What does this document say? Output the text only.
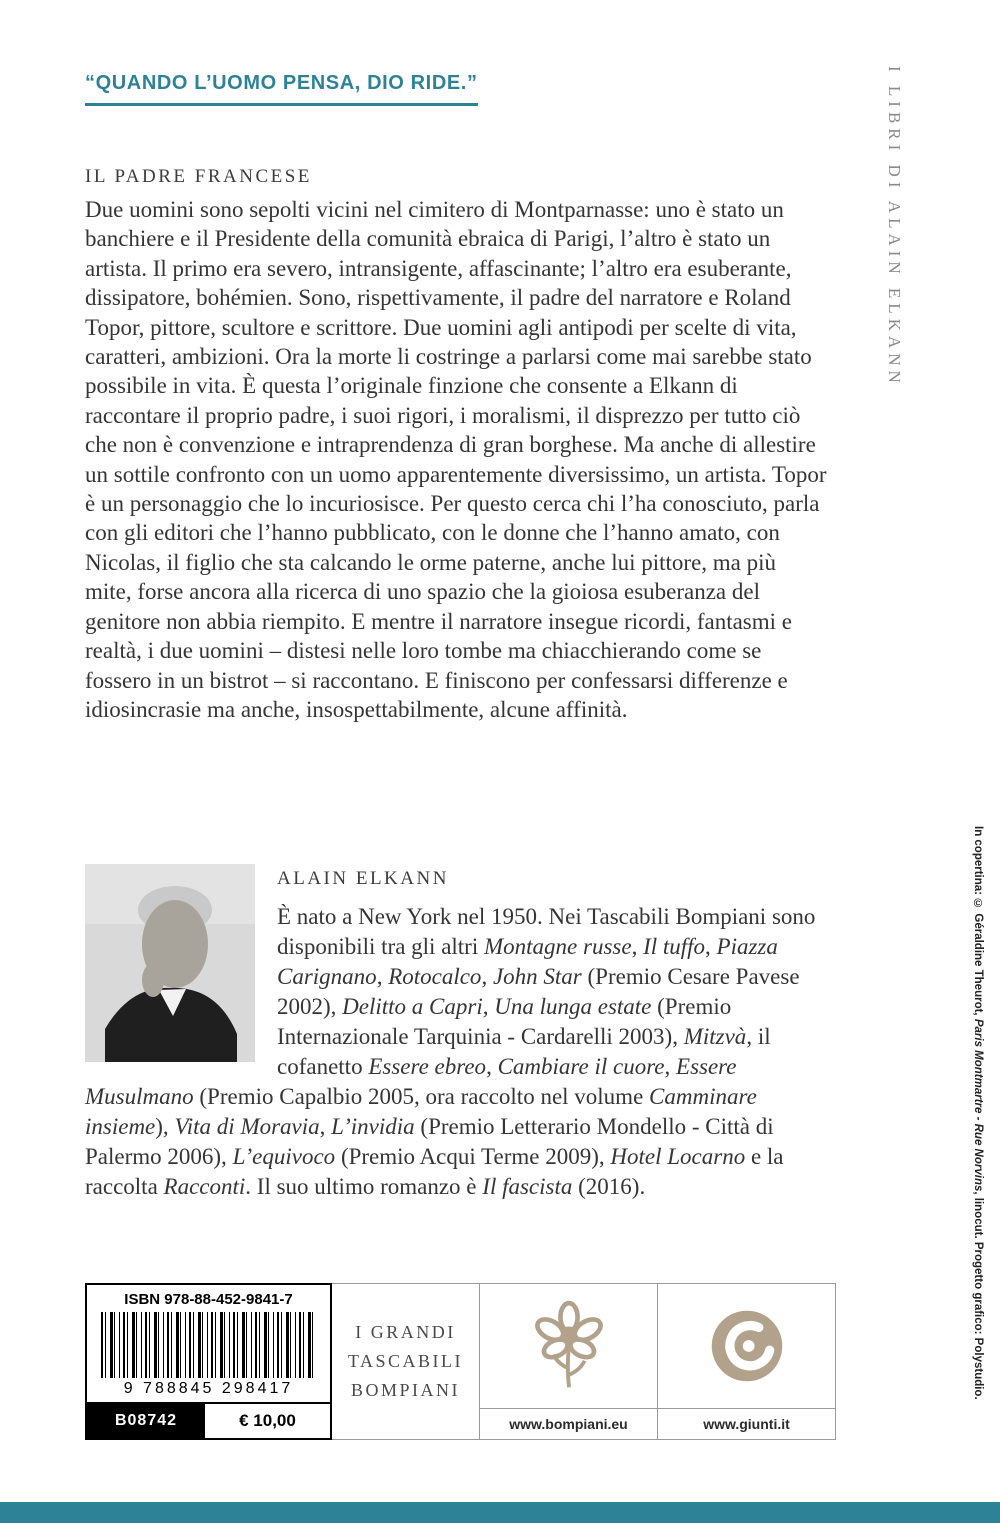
“QUANDO L’UOMO PENSA, DIO RIDE.”	I LIBRI DI ALAIN ELKANN
In copertina: © Géraldine Theurot, Paris Montmartre - Rue Norvins, linocut. Progetto grafico: Polystudio.
IL PADRE FRANCESE

Due uomini sono sepolti vicini nel cimitero di Montparnasse: uno è stato un banchiere e il Presidente della comunità ebraica di Parigi, l’altro è stato un artista. Il primo era severo, intransigente, affascinante; l’altro era esuberante, dissipatore, bohémien. Sono, rispettivamente, il padre del narratore e Roland Topor, pittore, scultore e scrittore. Due uomini agli antipodi per scelte di vita, caratteri, ambizioni. Ora la morte li costringe a parlarsi come mai sarebbe stato possibile in vita. È questa l’originale finzione che consente a Elkann di raccontare il proprio padre, i suoi rigori, i moralismi, il disprezzo per tutto ciò che non è convenzione e intraprendenza di gran borghese. Ma anche di allestire un sottile confronto con un uomo apparentemente diversissimo, un artista. Topor è un personaggio che lo incuriosisce. Per questo cerca chi l’ha conosciuto, parla con gli editori che l’hanno pubblicato, con le donne che l’hanno amato, con Nicolas, il figlio che sta calcando le orme paterne, anche lui pittore, ma più mite, forse ancora alla ricerca di uno spazio che la gioiosa esuberanza del genitore non abbia riempito. E mentre il narratore insegue ricordi, fantasmi e realtà, i due uomini – distesi nelle loro tombe ma chiacchierando come se fossero in un bistrot – si raccontano. E finiscono per confessarsi differenze e idiosincrasie ma anche, insospettabilmente, alcune affinità.

ALAIN ELKANN

È nato a New York nel 1950. Nei Tascabili Bompiani sono disponibili tra gli altri Montagne russe, Il tuffo, Piazza Carignano, Rotocalco, John Star (Premio Cesare Pavese 2002), Delitto a Capri, Una lunga estate (Premio Internazionale Tarquinia - Cardarelli 2003), Mitzvà, il cofanetto Essere ebreo, Cambiare il cuore, Essere Musulmano (Premio Capalbio 2005, ora raccolto nel volume Camminare insieme), Vita di Moravia, L’invidia (Premio Letterario Mondello - Città di Palermo 2006), L’equivoco (Premio Acqui Terme 2009), Hotel Locarno e la raccolta Racconti. Il suo ultimo romanzo è Il fascista (2016).

ISBN 978-88-452-9841-7
9 788845 298417
B08742	€ 10,00
I GRANDI
TASCABILI
BOMPIANI
www.bompiani.eu	www.giunti.it
